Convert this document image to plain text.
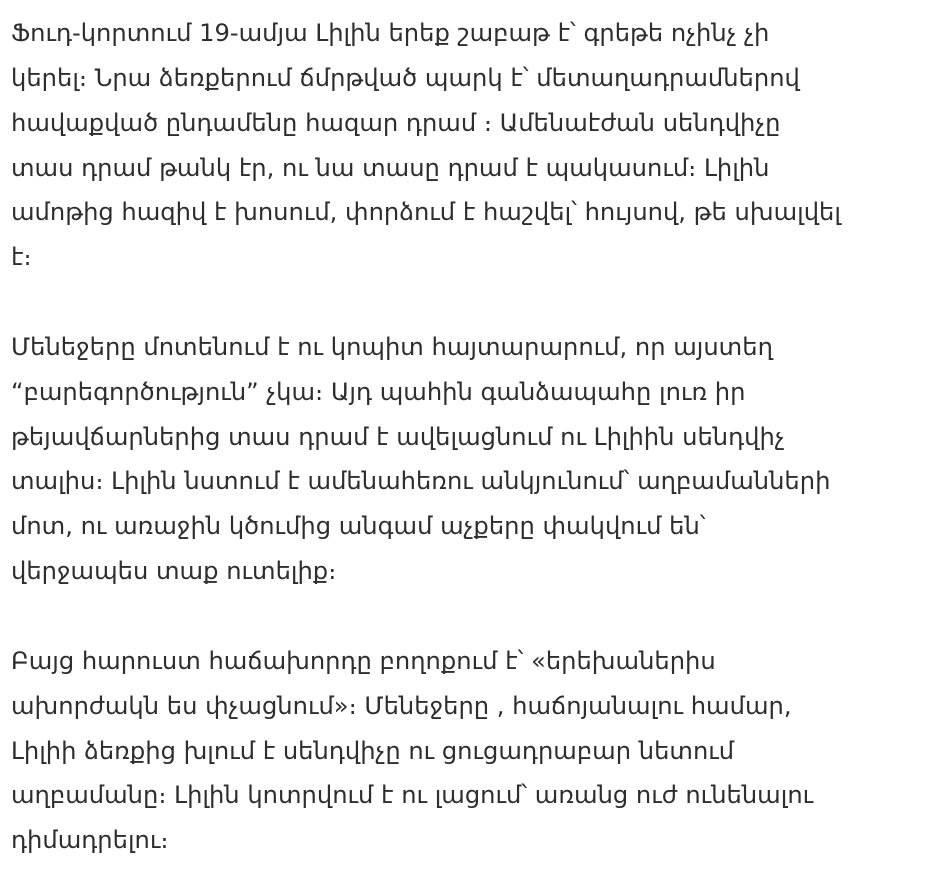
Ֆուդ-կորտում 19-ամյա Լիլին երեք շաբաթ է՝ գրեթե ոչինչ չի
կերել։ Նրա ձեռքերում ճմրթված պարկ է՝ մետաղադրամներով
հավաքված ընդամենը հազար դրամ ։ Ամենաէժան սենդվիչը
տաս դրամ թանկ էր, ու նա տասը դրամ է պակասում։ Լիլին
ամոթից հազիվ է խոսում, փորձում է հաշվել՝ հույսով, թե սխալվել
է։

Մենեջերը մոտենում է ու կոպիտ հայտարարում, որ այստեղ
“բարեգործություն” չկա։ Այդ պահին գանձապահը լուռ իր
թեյավճարներից տաս դրամ է ավելացնում ու Լիլիին սենդվիչ
տալիս։ Լիլին նստում է ամենահեռու անկյունում՝ աղբամանների
մոտ, ու առաջին կծումից անգամ աչքերը փակվում են՝
վերջապես տաք ուտելիք։

Բայց հարուստ հաճախորդը բողոքում է՝ «երեխաներիս
ախորժակն ես փչացնում»։ Մենեջերը , հաճոյանալու համար,
Լիլիի ձեռքից խլում է սենդվիչը ու ցուցադրաբար նետում
աղբամանը։ Լիլին կոտրվում է ու լացում՝ առանց ուժ ունենալու
դիմադրելու։
